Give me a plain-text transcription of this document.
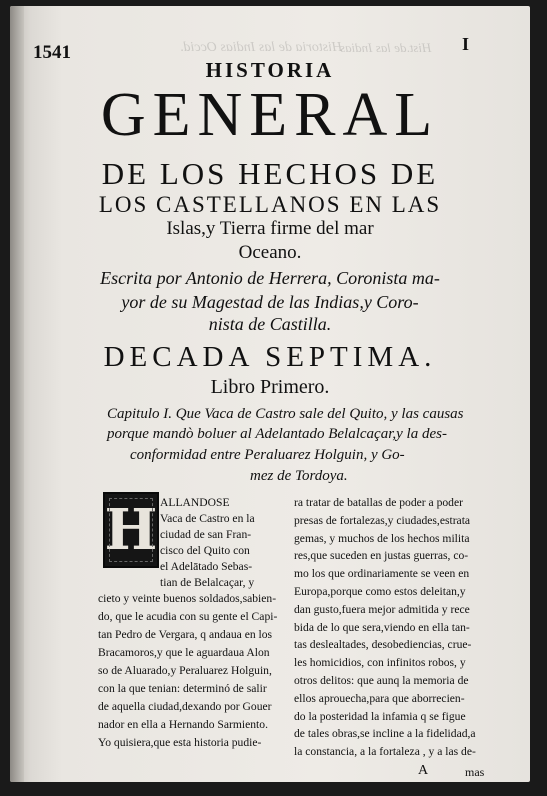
Historia de las Indias Occid.
Hist.de las Indias
1541	I
HISTORIA
GENERAL
DE LOS HECHOS DE
LOS CASTELLANOS EN LAS
Islas,y Tierra firme del mar
Oceano.
Escrita por Antonio de Herrera, Coronista ma-
yor de su Magestad de las Indias,y Coro-
nista de Castilla.
DECADA SEPTIMA.
Libro Primero.
Capitulo I. Que Vaca de Castro sale del Quito, y las causas
porque mandò boluer al Adelantado Belalcaçar,y la des-
conformidad entre Peraluarez Holguin, y Go-
mez de Tordoya.
H ALLANDOSE
Vaca de Castro en la
ciudad de san Fran-
cisco del Quito con
el Adelātado Sebas-
tian de Belalcaçar, y
cieto y veinte buenos soldados,sabien-
do, que le acudia con su gente el Capi-
tan Pedro de Vergara, q andaua en los
Bracamoros,y que le aguardaua Alon
so de Aluarado,y Peraluarez Holguin,
con la que tenian: determinó de salir
de aquella ciudad,dexando por Gouer
nador en ella a Hernando Sarmiento.
Yo quisiera,que esta historia pudie-
ra tratar de batallas de poder a poder
presas de fortalezas,y ciudades,estrata
gemas, y muchos de los hechos milita
res,que suceden en justas guerras, co-
mo los que ordinariamente se veen en
Europa,porque como estos deleitan,y
dan gusto,fuera mejor admitida y rece
bida de lo que sera,viendo en ella tan-
tas deslealtades, desobediencias, crue-
les homicidios, con infinitos robos, y
otros delitos: que aunq la memoria de
ellos aprouecha,para que aborrecien-
do la posteridad la infamia q se figue
de tales obras,se incline a la fidelidad,a
la constancia, a la fortaleza , y a las de-
A	mas
